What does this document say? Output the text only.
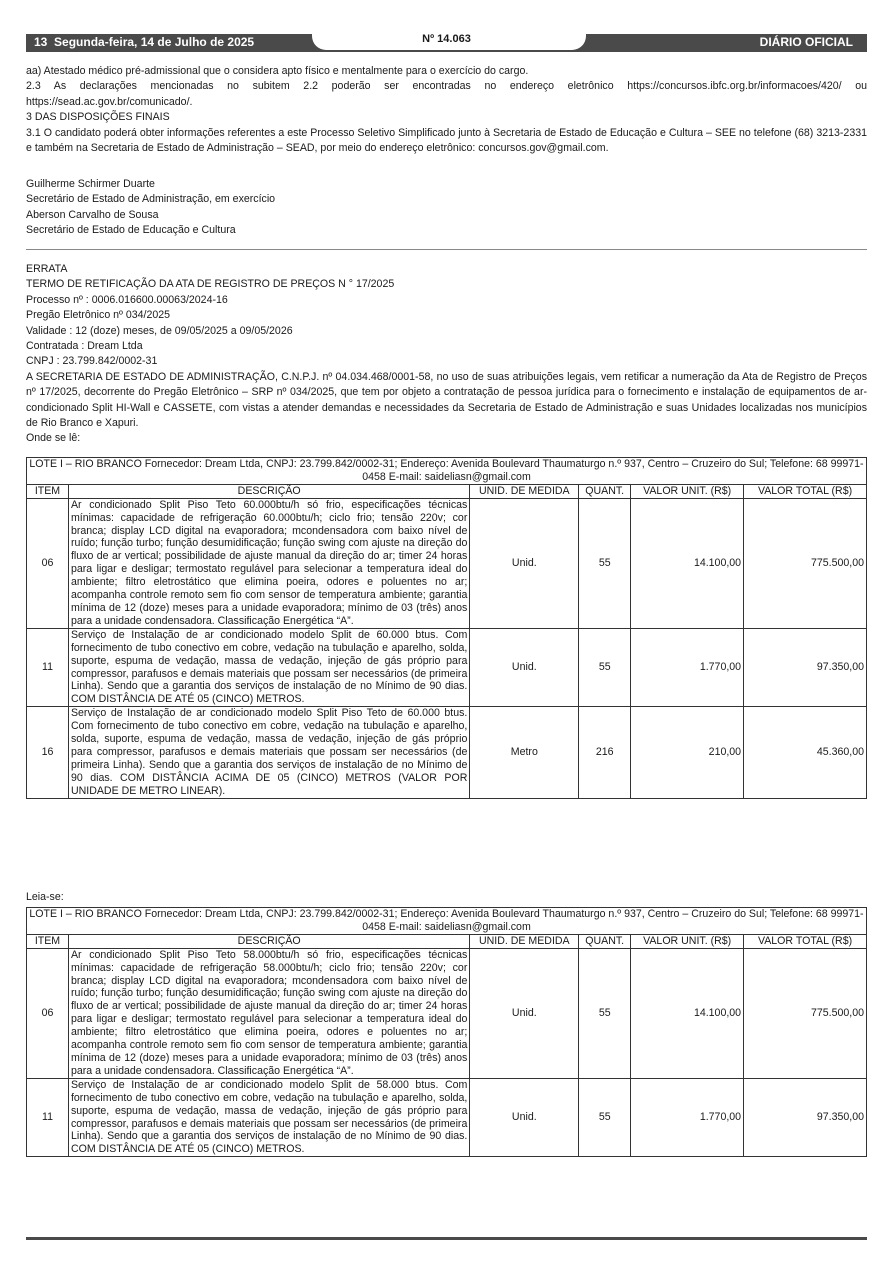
13 Segunda-feira, 14 de Julho de 2025	Nº 14.063	DIÁRIO OFICIAL

aa) Atestado médico pré-admissional que o considera apto físico e mentalmente para o exercício do cargo.

2.3 As declarações mencionadas no subitem 2.2 poderão ser encontradas no endereço eletrônico https://concursos.ibfc.org.br/informacoes/420/ ou https://sead.ac.gov.br/comunicado/.

3 DAS DISPOSIÇÕES FINAIS

3.1 O candidato poderá obter informações referentes a este Processo Seletivo Simplificado junto à Secretaria de Estado de Educação e Cultura – SEE no telefone (68) 3213-2331 e também na Secretaria de Estado de Administração – SEAD, por meio do endereço eletrônico: concursos.gov@gmail.com.

Guilherme Schirmer Duarte

Secretário de Estado de Administração, em exercício

Aberson Carvalho de Sousa

Secretário de Estado de Educação e Cultura

ERRATA

TERMO DE RETIFICAÇÃO DA ATA DE REGISTRO DE PREÇOS N ° 17/2025

Processo nº : 0006.016600.00063/2024-16

Pregão Eletrônico nº 034/2025

Validade : 12 (doze) meses, de 09/05/2025 a 09/05/2026

Contratada : Dream Ltda

CNPJ : 23.799.842/0002-31

A SECRETARIA DE ESTADO DE ADMINISTRAÇÃO, C.N.P.J. nº 04.034.468/0001-58, no uso de suas atribuições legais, vem retificar a numeração da Ata de Registro de Preços nº 17/2025, decorrente do Pregão Eletrônico – SRP nº 034/2025, que tem por objeto a contratação de pessoa jurídica para o fornecimento e instalação de equipamentos de ar-condicionado Split HI-Wall e CASSETE, com vistas a atender demandas e necessidades da Secretaria de Estado de Administração e suas Unidades localizadas nos municípios de Rio Branco e Xapuri.

Onde se lê:

LOTE I – RIO BRANCO Fornecedor: Dream Ltda, CNPJ: 23.799.842/0002-31; Endereço: Avenida Boulevard Thaumaturgo n.º 937, Centro – Cruzeiro do Sul; Telefone: 68 99971-0458 E-mail: saideliasn@gmail.com					
ITEM	DESCRIÇÃO	UNID. DE MEDIDA	QUANT.	VALOR UNIT. (R$)	VALOR TOTAL (R$)
06	Ar condicionado Split Piso Teto 60.000btu/h só frio, especificações técnicas mínimas: capacidade de refrigeração 60.000btu/h; ciclo frio; tensão 220v; cor branca; display LCD digital na evaporadora; mcondensadora com baixo nível de ruído; função turbo; função desumidificação; função swing com ajuste na direção do fluxo de ar vertical; possibilidade de ajuste manual da direção do ar; timer 24 horas para ligar e desligar; termostato regulável para selecionar a temperatura ideal do ambiente; filtro eletrostático que elimina poeira, odores e poluentes no ar; acompanha controle remoto sem fio com sensor de temperatura ambiente; garantia mínima de 12 (doze) meses para a unidade evaporadora; mínimo de 03 (três) anos para a unidade condensadora. Classificação Energética “A”.	Unid.	55	14.100,00	775.500,00
11	Serviço de Instalação de ar condicionado modelo Split de 60.000 btus. Com fornecimento de tubo conectivo em cobre, vedação na tubulação e aparelho, solda, suporte, espuma de vedação, massa de vedação, injeção de gás próprio para compressor, parafusos e demais materiais que possam ser necessários (de primeira Linha). Sendo que a garantia dos serviços de instalação de no Mínimo de 90 dias. COM DISTÂNCIA DE ATÉ 05 (CINCO) METROS.	Unid.	55	1.770,00	97.350,00
16	Serviço de Instalação de ar condicionado modelo Split Piso Teto de 60.000 btus. Com fornecimento de tubo conectivo em cobre, vedação na tubulação e aparelho, solda, suporte, espuma de vedação, massa de vedação, injeção de gás próprio para compressor, parafusos e demais materiais que possam ser necessários (de primeira Linha). Sendo que a garantia dos serviços de instalação de no Mínimo de 90 dias. COM DISTÂNCIA ACIMA DE 05 (CINCO) METROS (VALOR POR UNIDADE DE METRO LINEAR).	Metro	216	210,00	45.360,00
Leia-se:
LOTE I – RIO BRANCO Fornecedor: Dream Ltda, CNPJ: 23.799.842/0002-31; Endereço: Avenida Boulevard Thaumaturgo n.º 937, Centro – Cruzeiro do Sul; Telefone: 68 99971-0458 E-mail: saideliasn@gmail.com					
ITEM	DESCRIÇÃO	UNID. DE MEDIDA	QUANT.	VALOR UNIT. (R$)	VALOR TOTAL (R$)
06	Ar condicionado Split Piso Teto 58.000btu/h só frio, especificações técnicas mínimas: capacidade de refrigeração 58.000btu/h; ciclo frio; tensão 220v; cor branca; display LCD digital na evaporadora; mcondensadora com baixo nível de ruído; função turbo; função desumidificação; função swing com ajuste na direção do fluxo de ar vertical; possibilidade de ajuste manual da direção do ar; timer 24 horas para ligar e desligar; termostato regulável para selecionar a temperatura ideal do ambiente; filtro eletrostático que elimina poeira, odores e poluentes no ar; acompanha controle remoto sem fio com sensor de temperatura ambiente; garantia mínima de 12 (doze) meses para a unidade evaporadora; mínimo de 03 (três) anos para a unidade condensadora. Classificação Energética “A”.	Unid.	55	14.100,00	775.500,00
11	Serviço de Instalação de ar condicionado modelo Split de 58.000 btus. Com fornecimento de tubo conectivo em cobre, vedação na tubulação e aparelho, solda, suporte, espuma de vedação, massa de vedação, injeção de gás próprio para compressor, parafusos e demais materiais que possam ser necessários (de primeira Linha). Sendo que a garantia dos serviços de instalação de no Mínimo de 90 dias. COM DISTÂNCIA DE ATÉ 05 (CINCO) METROS.	Unid.	55	1.770,00	97.350,00
